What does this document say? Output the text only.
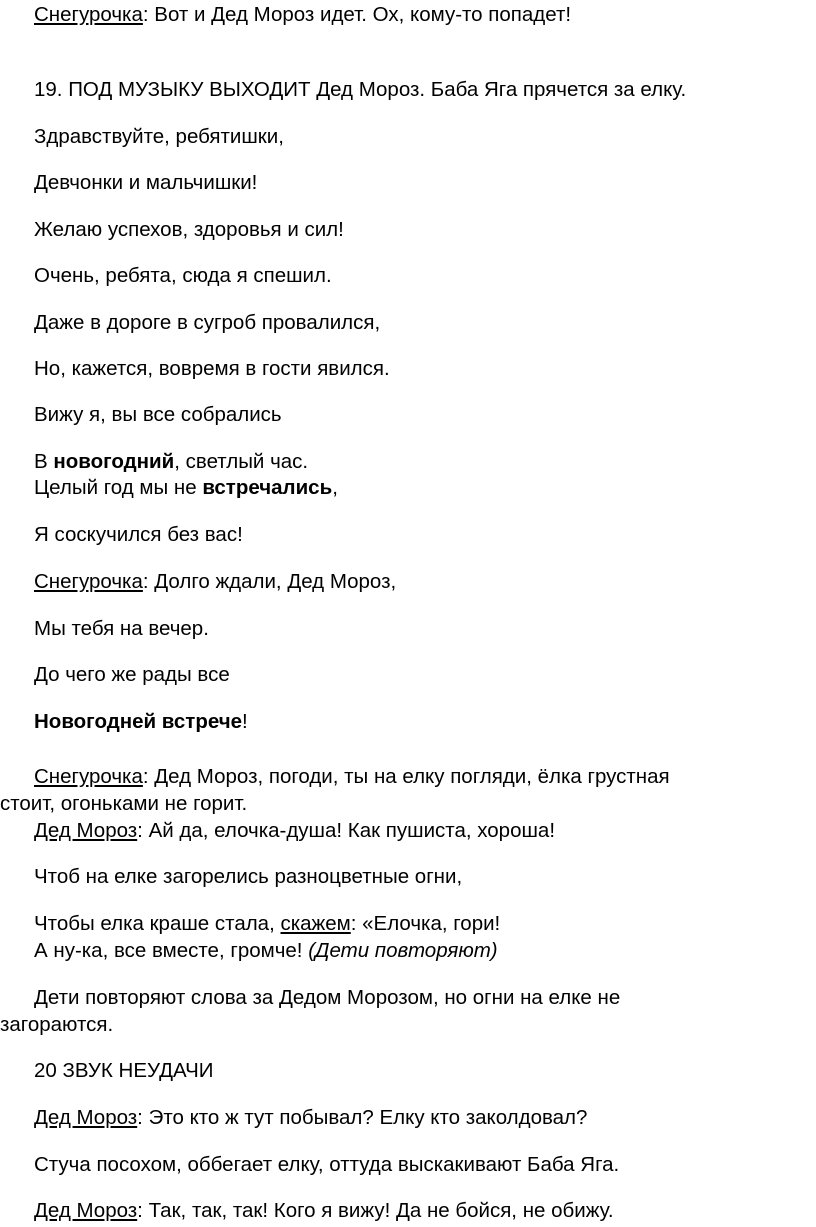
Снегурочка: Вот и Дед Мороз идет. Ох, кому-то попадет!
19. ПОД МУЗЫКУ ВЫХОДИТ Дед Мороз. Баба Яга прячется за елку.
Здравствуйте, ребятишки,
Девчонки и мальчишки!
Желаю успехов, здоровья и сил!
Очень, ребята, сюда я спешил.
Даже в дороге в сугроб провалился,
Но, кажется, вовремя в гости явился.
Вижу я, вы все собрались
В новогодний, светлый час.
Целый год мы не встречались,
Я соскучился без вас!
Снегурочка: Долго ждали, Дед Мороз,
Мы тебя на вечер.
До чего же рады все
Новогодней встрече!
Снегурочка: Дед Мороз, погоди, ты на елку погляди, ёлка грустная
стоит, огоньками не горит.
Дед Мороз: Ай да, елочка-душа! Как пушиста, хороша!
Чтоб на елке загорелись разноцветные огни,
Чтобы елка краше стала, скажем: «Елочка, гори!
А ну-ка, все вместе, громче! (Дети повторяют)
Дети повторяют слова за Дедом Морозом, но огни на елке не
загораются.
20 ЗВУК НЕУДАЧИ
Дед Мороз: Это кто ж тут побывал? Елку кто заколдовал?
Стуча посохом, оббегает елку, оттуда выскакивают Баба Яга.
Дед Мороз: Так, так, так! Кого я вижу! Да не бойся, не обижу.
